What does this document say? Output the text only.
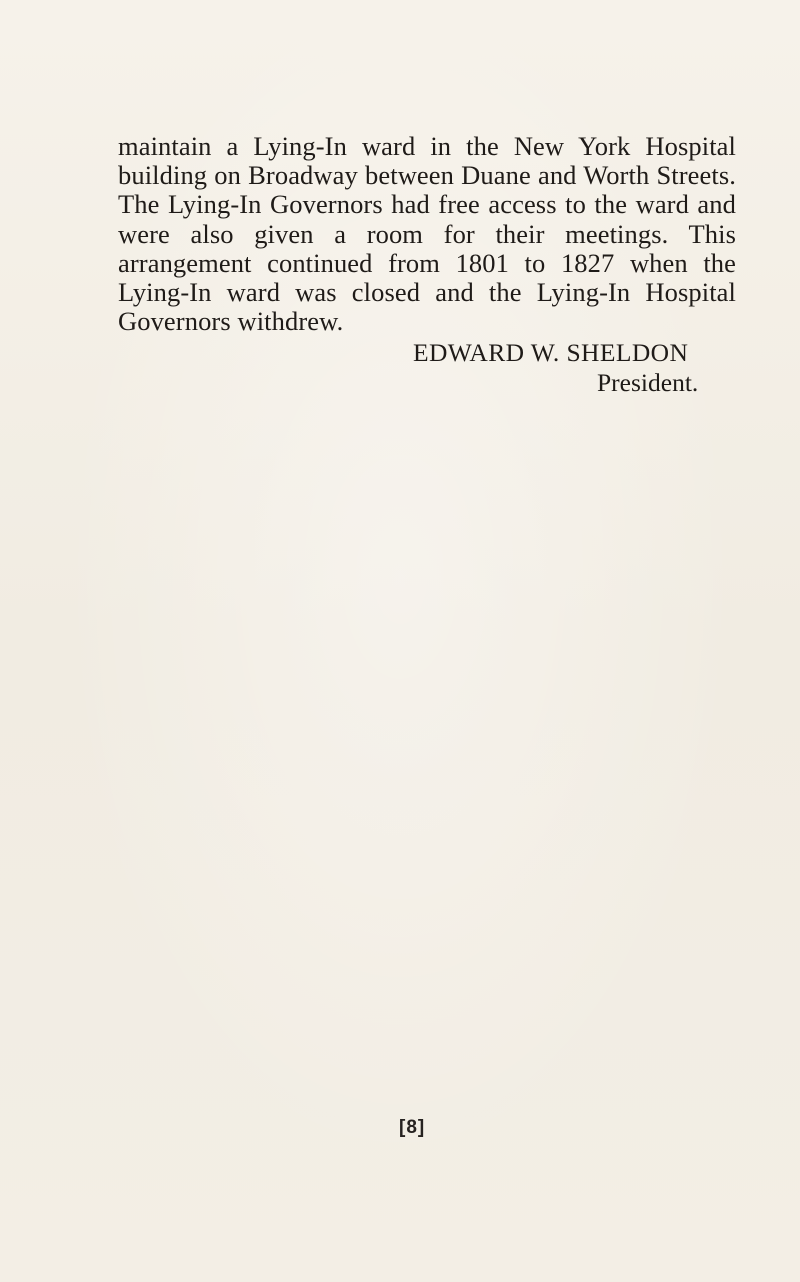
maintain a Lying-In ward in the New York Hospital building on Broadway between Duane and Worth Streets. The Lying-In Governors had free access to the ward and were also given a room for their meetings. This arrangement continued from 1801 to 1827 when the Lying-In ward was closed and the Lying-In Hospital Governors withdrew.

EDWARD W. SHELDON

President.

[8]
